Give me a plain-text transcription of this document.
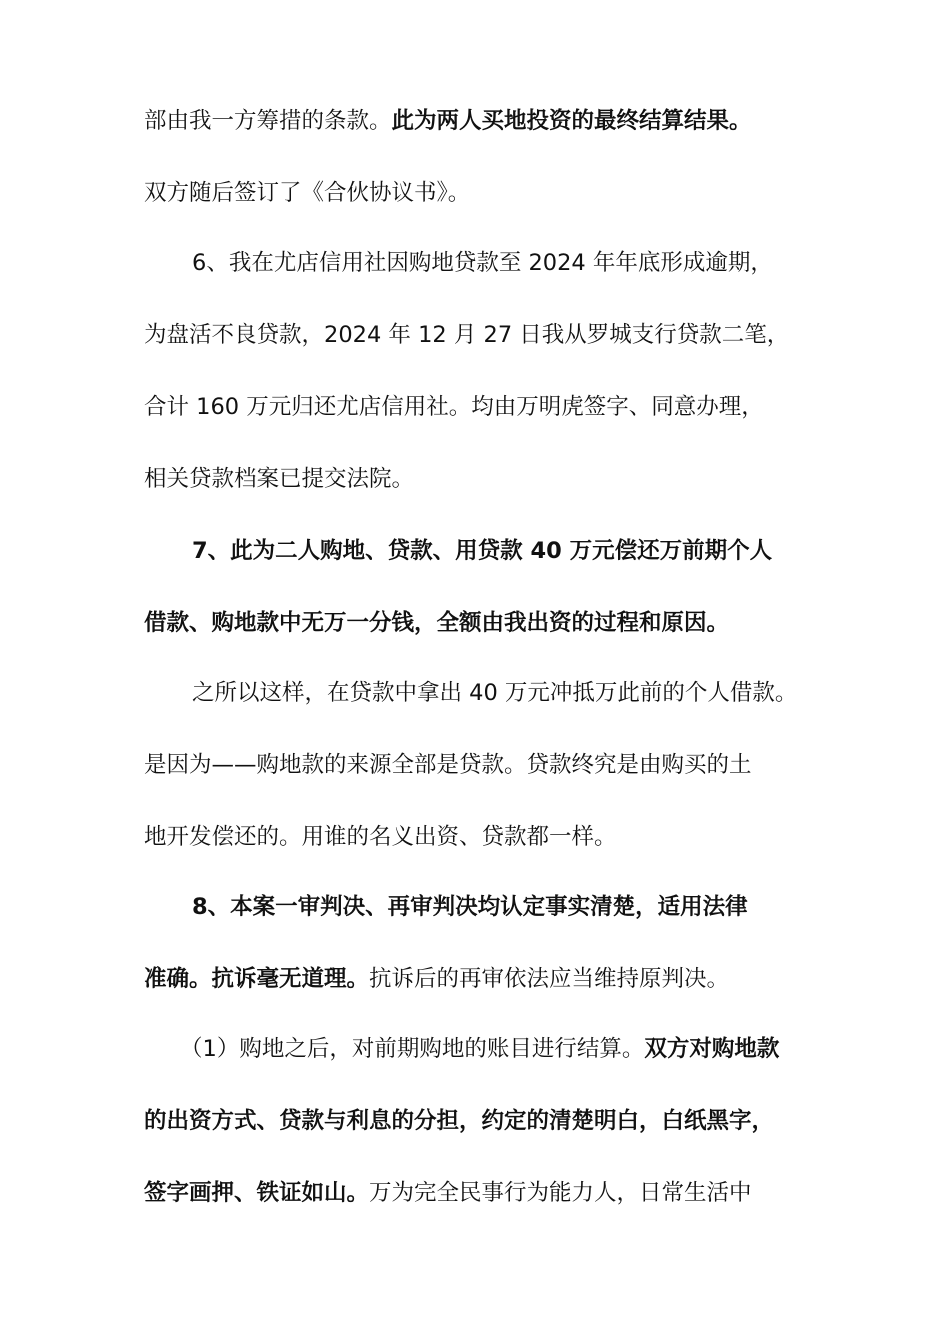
部由我一方筹措的条款。此为两人买地投资的最终结算结果。
双方随后签订了《合伙协议书》。
6、我在尤店信用社因购地贷款至 2024 年年底形成逾期，
为盘活不良贷款，2024 年 12 月 27 日我从罗城支行贷款二笔，
合计 160 万元归还尤店信用社。均由万明虎签字、同意办理，
相关贷款档案已提交法院。
7、此为二人购地、贷款、用贷款 40 万元偿还万前期个人
借款、购地款中无万一分钱，全额由我出资的过程和原因。
之所以这样，在贷款中拿出 40 万元冲抵万此前的个人借款。
是因为——购地款的来源全部是贷款。贷款终究是由购买的土
地开发偿还的。用谁的名义出资、贷款都一样。
8、本案一审判决、再审判决均认定事实清楚，适用法律
准确。抗诉毫无道理。抗诉后的再审依法应当维持原判决。
（1）购地之后，对前期购地的账目进行结算。双方对购地款
的出资方式、贷款与利息的分担，约定的清楚明白，白纸黑字，
签字画押、铁证如山。万为完全民事行为能力人，日常生活中
